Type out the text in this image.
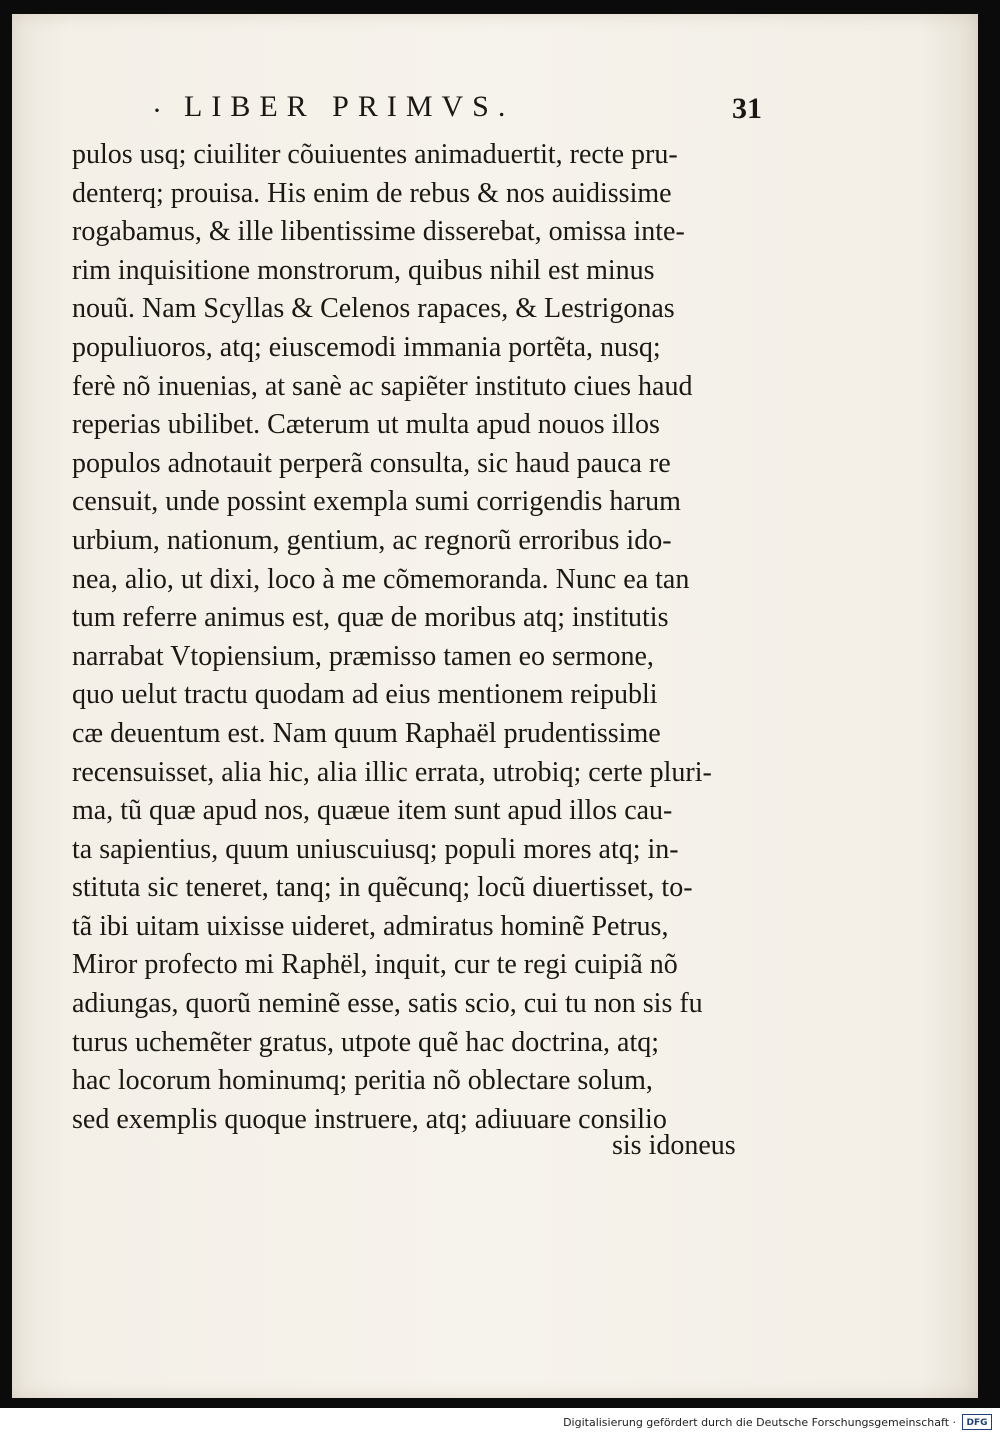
· LIBER PRIMVS.	31
pulos usq; ciuiliter cõuiuentes animaduertit, recte pru-
denterq; prouisa. His enim de rebus & nos auidissime
rogabamus, & ille libentissime disserebat, omissa inte-
rim inquisitione monstrorum, quibus nihil est minus
nouũ. Nam Scyllas & Celenos rapaces, & Lestrigonas
populiuoros, atq; eiuscemodi immania portẽta, nusq;
ferè nõ inuenias, at sanè ac sapiẽter instituto ciues haud
reperias ubilibet. Cæterum ut multa apud nouos illos
populos adnotauit perperã consulta, sic haud pauca re
censuit, unde possint exempla sumi corrigendis harum
urbium, nationum, gentium, ac regnorũ erroribus ido-
nea, alio, ut dixi, loco à me cõmemoranda. Nunc ea tan
tum referre animus est, quæ de moribus atq; institutis
narrabat Vtopiensium, præmisso tamen eo sermone,
quo uelut tractu quodam ad eius mentionem reipubli
cæ deuentum est. Nam quum Raphaël prudentissime
recensuisset, alia hic, alia illic errata, utrobiq; certe pluri-
ma, tũ quæ apud nos, quæue item sunt apud illos cau-
ta sapientius, quum uniuscuiusq; populi mores atq; in-
stituta sic teneret, tanq; in quẽcunq; locũ diuertisset, to-
tã ibi uitam uixisse uideret, admiratus hominẽ Petrus,
Miror profecto mi Raphël, inquit, cur te regi cuipiã nõ
adiungas, quorũ neminẽ esse, satis scio, cui tu non sis fu
turus uchemẽter gratus, utpote quẽ hac doctrina, atq;
hac locorum hominumq; peritia nõ oblectare solum,
sed exemplis quoque instruere, atq; adiuuare consilio
sis idoneus
Digitalisierung gefördert durch die Deutsche Forschungsgemeinschaft ·	DFG
